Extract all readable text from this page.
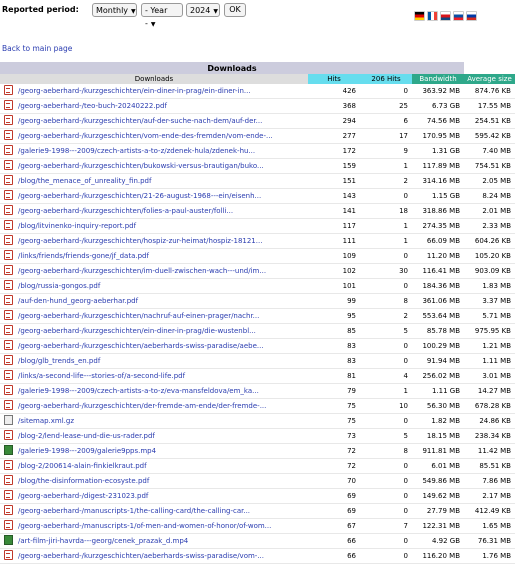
Reported period:	Monthly ▼	- Year - ▼
2024 ▼	OK
Back to main page
Downloads					
Downloads		Hits	206 Hits	Bandwidth	Average size
	/georg-aeberhard-/kurzgeschichten/ein-diner-in-prag/ein-diner-in...	426	0	363.92 MB	874.76 KB
	/georg-aeberhard-/teo-buch-20240222.pdf	368	25	6.73 GB	17.55 MB
	/georg-aeberhard-/kurzgeschichten/auf-der-suche-nach-dem/auf-der...	294	6	74.56 MB	254.51 KB
	/georg-aeberhard-/kurzgeschichten/vom-ende-des-fremden/vom-ende-...	277	17	170.95 MB	595.42 KB
	/galerie9-1998---2009/czech-artists-a-to-z/zdenek-hula/zdenek-hu...	172	9	1.31 GB	7.40 MB
	/georg-aeberhard-/kurzgeschichten/bukowski-versus-brautigan/buko...	159	1	117.89 MB	754.51 KB
	/blog/the_menace_of_unreality_fin.pdf	151	2	314.16 MB	2.05 MB
	/georg-aeberhard-/kurzgeschichten/21-26-august-1968---ein/eisenh...	143	0	1.15 GB	8.24 MB
	/georg-aeberhard-/kurzgeschichten/folies-a-paul-auster/folli...	141	18	318.86 MB	2.01 MB
	/blog/litvinenko-inquiry-report.pdf	117	1	274.35 MB	2.33 MB
	/georg-aeberhard-/kurzgeschichten/hospiz-zur-heimat/hospiz-18121...	111	1	66.09 MB	604.26 KB
	/links/friends/friends-gone/jf_data.pdf	109	0	11.20 MB	105.20 KB
	/georg-aeberhard-/kurzgeschichten/im-duell-zwischen-wach---und/im...	102	30	116.41 MB	903.09 KB
	/blog/russia-gongos.pdf	101	0	184.36 MB	1.83 MB
	/auf-den-hund_georg-aeberhar.pdf	99	8	361.06 MB	3.37 MB
	/georg-aeberhard-/kurzgeschichten/nachruf-auf-einen-prager/nachr...	95	2	553.64 MB	5.71 MB
	/georg-aeberhard-/kurzgeschichten/ein-diner-in-prag/die-wustenbl...	85	5	85.78 MB	975.95 KB
	/georg-aeberhard-/kurzgeschichten/aeberhards-swiss-paradise/aebe...	83	0	100.29 MB	1.21 MB
	/blog/glb_trends_en.pdf	83	0	91.94 MB	1.11 MB
	/links/a-second-life---stories-of/a-second-life.pdf	81	4	256.02 MB	3.01 MB
	/galerie9-1998---2009/czech-artists-a-to-z/eva-mansfeldova/em_ka...	79	1	1.11 GB	14.27 MB
	/georg-aeberhard-/kurzgeschichten/der-fremde-am-ende/der-fremde-...	75	10	56.30 MB	678.28 KB
	/sitemap.xml.gz	75	0	1.82 MB	24.86 KB
	/blog-2/lend-lease-und-die-us-rader.pdf	73	5	18.15 MB	238.34 KB
	/galerie9-1998---2009/galerie9pps.mp4	72	8	911.81 MB	11.42 MB
	/blog-2/200614-alain-finkielkraut.pdf	72	0	6.01 MB	85.51 KB
	/blog/the-disinformation-ecosyste.pdf	70	0	549.86 MB	7.86 MB
	/georg-aeberhard-/digest-231023.pdf	69	0	149.62 MB	2.17 MB
	/georg-aeberhard-/manuscripts-1/the-calling-card/the-calling-car...	69	0	27.79 MB	412.49 KB
	/georg-aeberhard-/manuscripts-1/of-men-and-women-of-honor/of-wom...	67	7	122.31 MB	1.65 MB
	/art-film-jiri-havrda---georg/cenek_prazak_d.mp4	66	0	4.92 GB	76.31 MB
	/georg-aeberhard-/kurzgeschichten/aeberhards-swiss-paradise/vom-...	66	0	116.20 MB	1.76 MB
